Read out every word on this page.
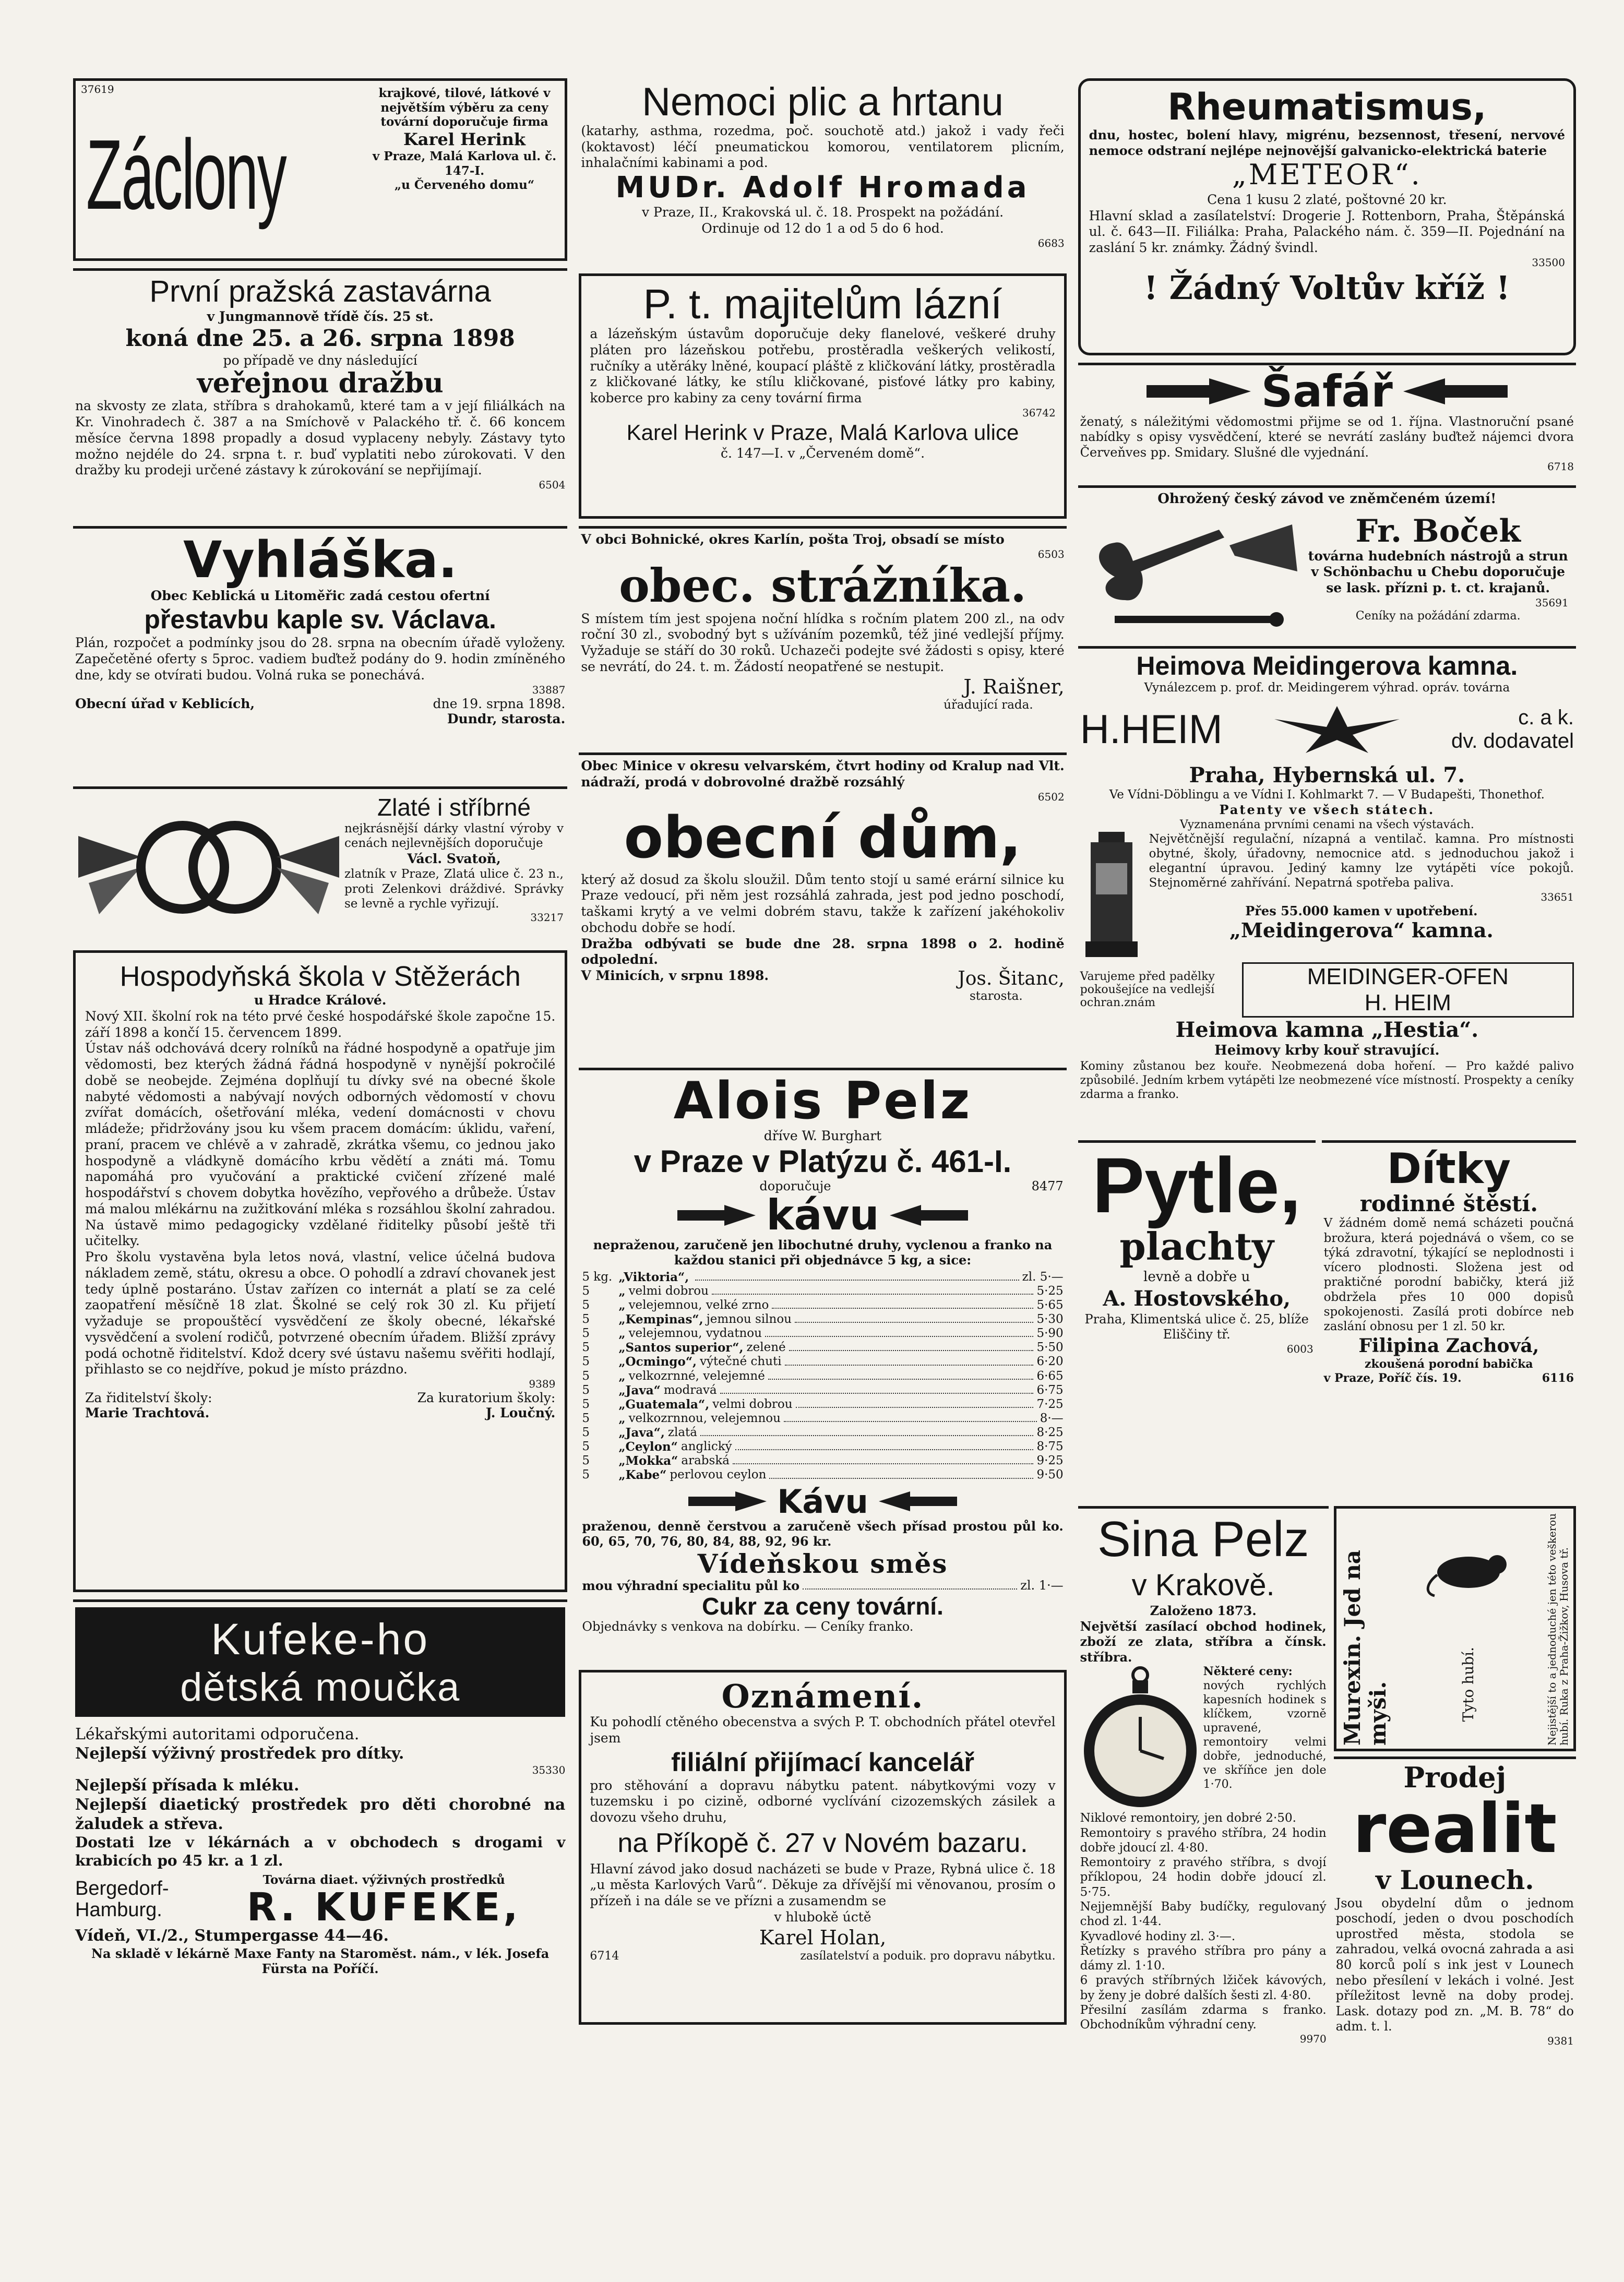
37619
Záclony

krajkové, tilové, látkové v největším výběru za ceny tovární doporučuje firma

Karel Herink

v Praze, Malá Karlova ul. č. 147-I.

„u Červeného domu“

První pražská zastavárna

v Jungmannově třídě čís. 25 st.

koná dne 25. a 26. srpna 1898

po případě ve dny následující

veřejnou dražbu

na skvosty ze zlata, stříbra s drahokamů, které tam a v její filiálkách na Kr. Vinohradech č. 387 a na Smíchově v Palackého tř. č. 66 koncem měsíce června 1898 propadly a dosud vyplaceny nebyly. Zástavy tyto možno nejdéle do 24. srpna t. r. buď vyplatiti nebo zúrokovati. V den dražby ku prodeji určené zástavy k zúrokování se nepřijímají.

6504
Vyhláška.

Obec Keblická u Litoměřic zadá cestou ofertní

přestavbu kaple sv. Václava.

Plán, rozpočet a podmínky jsou do 28. srpna na obecním úřadě vyloženy. Zapečetěné oferty s 5proc. vadiem buďtež podány do 9. hodin zmíněného dne, kdy se otvírati budou. Volná ruka se ponechává.

33887
Obecní úřad v Keblicích,	dne 19. srpna 1898.

Dundr, starosta.

Zlaté i stříbrné

nejkrásnější dárky vlastní výroby v cenách nejlevnějších doporučuje

Václ. Svatoň,

zlatník v Praze, Zlatá ulice č. 23 n., proti Zelenkovi dráždivé. Správky se levně a rychle vyřizují.

33217
Hospodyňská škola v Stěžerách

u Hradce Králové.

Nový XII. školní rok na této prvé české hospodářské škole započne 15. září 1898 a končí 15. červencem 1899.

Ústav náš odchovává dcery rolníků na řádné hospodyně a opatřuje jim vědomosti, bez kterých žádná řádná hospodyně v nynější pokročilé době se neobejde. Zejména doplňují tu dívky své na obecné škole nabyté vědomosti a nabývají nových odborných vědomostí v chovu zvířat domácích, ošetřování mléka, vedení domácnosti v chovu mládeže; přidržovány jsou ku všem pracem domácím: úklidu, vaření, praní, pracem ve chlévě a v zahradě, zkrátka všemu, co jednou jako hospodyně a vládkyně domácího krbu vědětí a znáti má. Tomu napomáhá pro vyučování a praktické cvičení zřízené malé hospodářství s chovem dobytka hovězího, vepřového a drůbeže. Ústav má malou mlékárnu na zužitkování mléka s rozsáhlou školní zahradou. Na ústavě mimo pedagogicky vzdělané řiditelky působí ještě tři učitelky.

Pro školu vystavěna byla letos nová, vlastní, velice účelná budova nákladem země, státu, okresu a obce. O pohodlí a zdraví chovanek jest tedy úplně postaráno. Ústav zařízen co internát a platí se za celé zaopatření měsíčně 18 zlat. Školné se celý rok 30 zl. Ku přijetí vyžaduje se propouštěcí vysvědčení ze školy obecné, lékařské vysvědčení a svolení rodičů, potvrzené obecním úřadem. Bližší zprávy podá ochotně řiditelství. Kdož dcery své ústavu našemu svěřiti hodlají, přihlasto se co nejdříve, pokud je místo prázdno.

9389
Za řiditelství školy:	Za kuratorium školy:
Marie Trachtová.	J. Loučný.
Kufeke-ho
dětská moučka

Lékařskými autoritami odporučena.

Nejlepší výživný prostředek pro dítky.

35330

Nejlepší přísada k mléku.

Nejlepší diaetický prostředek pro děti chorobné na žaludek a střeva.

Dostati lze v lékárnách a v obchodech s drogami v krabicích po 45 kr. a 1 zl.

Bergedorf-Hamburg.

Továrna diaet. výživných prostředků

R. KUFEKE,

Vídeň, VI./2., Stumpergasse 44—46.

Na skladě v lékárně Maxe Fanty na Staroměst. nám., v lék. Josefa Fürsta na Poříčí.

Nemoci plic a hrtanu

(katarhy, asthma, rozedma, poč. souchotě atd.) jakož i vady řeči (koktavost) léčí pneumatickou komorou, ventilatorem plicním, inhalačními kabinami a pod.

MUDr. Adolf Hromada

v Praze, II., Krakovská ul. č. 18. Prospekt na požádání.

Ordinuje od 12 do 1 a od 5 do 6 hod.

6683
P. t. majitelům lázní

a lázeňským ústavům doporučuje deky flanelové, veškeré druhy pláten pro lázeňskou potřebu, prostěradla veškerých velikostí, ručníky a utěráky lněné, koupací pláště z kličkování látky, prostěradla z kličkované látky, ke stílu kličkované, pisťové látky pro kabiny, koberce pro kabiny za ceny tovární firma

36742

Karel Herink v Praze, Malá Karlova ulice

č. 147—I. v „Červeném domě“.

V obci Bohnické, okres Karlín, pošta Troj, obsadí se místo

6503
obec. strážníka.

S místem tím jest spojena noční hlídka s ročním platem 200 zl., na odv roční 30 zl., svobodný byt s užíváním pozemků, též jiné vedlejší příjmy. Vyžaduje se stáří do 30 roků. Uchazeči podejte své žádosti s opisy, které se nevrátí, do 24. t. m. Žádostí neopatřené se nestupit.

J. Raišner,

úřadující rada.

Obec Minice v okresu velvarském, čtvrt hodiny od Kralup nad Vlt. nádraží, prodá v dobrovolné dražbě rozsáhlý

6502
obecní dům,

který až dosud za školu sloužil. Dům tento stojí u samé erární silnice ku Praze vedoucí, při něm jest rozsáhlá zahrada, jest pod jedno poschodí, taškami krytý a ve velmi dobrém stavu, takže k zařízení jakéhokoliv obchodu dobře se hodí.

Dražba odbývati se bude dne 28. srpna 1898 o 2. hodině odpolední.

V Minicích, v srpnu 1898.	Jos. Šitanc,

starosta.

Alois Pelz

dříve W. Burghart

v Praze v Platýzu č. 461-I.

doporučuje	8477
kávu

nepraženou, zaručeně jen libochutné druhy, vyclenou a franko na každou stanici při objednávce 5 kg, a sice:

5 kg. „Viktoria“,	zl. 5·—
5	„ velmi dobrou	5·25
5	„ velejemnou, velké zrno	5·65
5	„Kempinas“, jemnou silnou	5·30
5	„ velejemnou, vydatnou	5·90
5	„Santos superior“, zelené	5·50
5	„Ocmingo“, výtečné chuti	6·20
5	„ velkozrnné, velejemné	6·65
5	„Java“ modravá	6·75
5	„Guatemala“, velmi dobrou	7·25
5	„ velkozrnnou, velejemnou	8·—
5	„Java“, zlatá	8·25
5	„Ceylon“ anglický	8·75
5	„Mokka“ arabská	9·25
5	„Kabe“ perlovou ceylon	9·50
Kávu

praženou, denně čerstvou a zaručeně všech přísad prostou půl ko. 60, 65, 70, 76, 80, 84, 88, 92, 96 kr.

Vídeňskou směs

mou výhradní specialitu půl ko	zl. 1·—

Cukr za ceny tovární.

Objednávky s venkova na dobírku. — Ceníky franko.

Oznámení.

Ku pohodlí ctěného obecenstva a svých P. T. obchodních přátel otevřel jsem

filiální přijímací kancelář

pro stěhování a dopravu nábytku patent. nábytkovými vozy v tuzemsku i po cizině, odborné vyclívání cizozemských zásilek a dovozu všeho druhu,

na Příkopě č. 27 v Novém bazaru.

Hlavní závod jako dosud nacházeti se bude v Praze, Rybná ulice č. 18 „u města Karlových Varů“. Děkuje za dřívější mi věnovanou, prosím o přízeň i na dále se ve přízni a zusamendm se

v hlubokě úctě

Karel Holan,

6714	zasílatelství a poduik. pro dopravu nábytku.
Rheumatismus,

dnu, hostec, bolení hlavy, migrénu, bezsennost, třesení, nervové nemoce odstraní nejlépe nejnovější galvanicko-elektrická baterie

„METEOR“.

Cena 1 kusu 2 zlaté, poštovné 20 kr.

Hlavní sklad a zasílatelství: Drogerie J. Rottenborn, Praha, Štěpánská ul. č. 643—II. Filiálka: Praha, Palackého nám. č. 359—II. Pojednání na zaslání 5 kr. známky. Žádný švindl.

33500

! Žádný Voltův kříž !

Šafář

ženatý, s náležitými vědomostmi přijme se od 1. října. Vlastnoruční psané nabídky s opisy vysvědčení, které se nevrátí zaslány buďtež nájemci dvora Červeňves pp. Smidary. Slušné dle vyjednání.

6718

Ohrožený český závod ve zněmčeném území!

Fr. Boček

továrna hudebních nástrojů a strun v Schönbachu u Chebu doporučuje se lask. přízni p. t. ct. krajanů.

35691

Ceníky na požádání zdarma.

Heimova Meidingerova kamna.

Vynálezcem p. prof. dr. Meidingerem výhrad. opráv. továrna

H.HEIM	c. a k.

dv. dodavatel

Praha, Hybernská ul. 7.

Ve Vídni-Döblingu a ve Vídni I. Kohlmarkt 7. — V Budapešti, Thonethof.

Patenty ve všech státech.

Vyznamenána prvními cenami na všech výstavách.

Největčnější regulační, nízapná a ventilač. kamna. Pro místnosti obytné, školy, úřadovny, nemocnice atd. s jednoduchou jakož i elegantní úpravou. Jediný kamny lze vytápěti více pokojů. Stejnoměrné zahřívání. Nepatrná spotřeba paliva.

33651

Přes 55.000 kamen v upotřebení.

„Meidingerova“ kamna.

Varujeme před padělky pokoušejíce na vedlejší ochran.znám

MEIDINGER-OFEN

H. HEIM

Heimova kamna „Hestia“.

Heimovy krby kouř stravující.

Kominy zůstanou bez kouře. Neobmezená doba hoření. — Pro každé palivo způsobilé. Jedním krbem vytápěti lze neobmezené více místností. Prospekty a ceníky zdarma a franko.

Pytle,

plachty

levně a dobře u

A. Hostovského,

Praha, Klimentská ulice č. 25, blíže Eliščiny tř.

6003
Dítky

rodinné štěstí.

V žádném domě nemá scházeti poučná brožura, která pojednává o všem, co se týká zdravotní, týkající se neplodnosti i vícero plodnosti. Složena jest od praktičné porodní babičky, která již obdržela přes 10 000 dopisů spokojenosti. Zasílá proti dobírce neb zaslání obnosu per 1 zl. 50 kr.

Filipina Zachová,

zkoušená porodní babička

v Praze, Poříč čís. 19.	6116
Sina Pelz

v Krakově.

Založeno 1873.

Největší zasílací obchod hodinek, zboží ze zlata, stříbra a čínsk. stříbra.

Některé ceny:

nových rychlých kapesních hodinek s klíčkem, vzorně upravené, remontoiry velmi dobře, jednoduché, ve skříňce jen dole 1·70.

Niklové remontoiry, jen dobré 2·50.

Remontoiry s pravého stříbra, 24 hodin dobře jdoucí zl. 4·80.

Remontoiry z pravého stříbra, s dvojí příklopou, 24 hodin dobře jdoucí zl. 5·75.

Nejjemnější Baby budíčky, regulovaný chod zl. 1·44.

Kyvadlové hodiny zl. 3·—.

Řetízky s pravého stříbra pro pány a dámy zl. 1·10.

6 pravých stříbrných lžiček kávových, by ženy je dobré dalších šesti zl. 4·80.

Přesilní zasílám zdarma s franko. Obchodníkům výhradní ceny.

9970
Murexin. Jed na myši.	Tyto hubí.	Nejistější to a jednoduché jen této veškerou hubí. Ruka z Praha-Žižkov, Husova tř.
Prodej
realit

v Lounech.

Jsou obydelní dům o jednom poschodí, jeden o dvou poschodích uprostřed města, stodola se zahradou, velká ovocná zahrada a asi 80 korců polí s ink jest v Lounech nebo přesílení v lekách i volné. Jest příležitost levně na doby prodej. Lask. dotazy pod zn. „M. B. 78“ do adm. t. l.

9381
